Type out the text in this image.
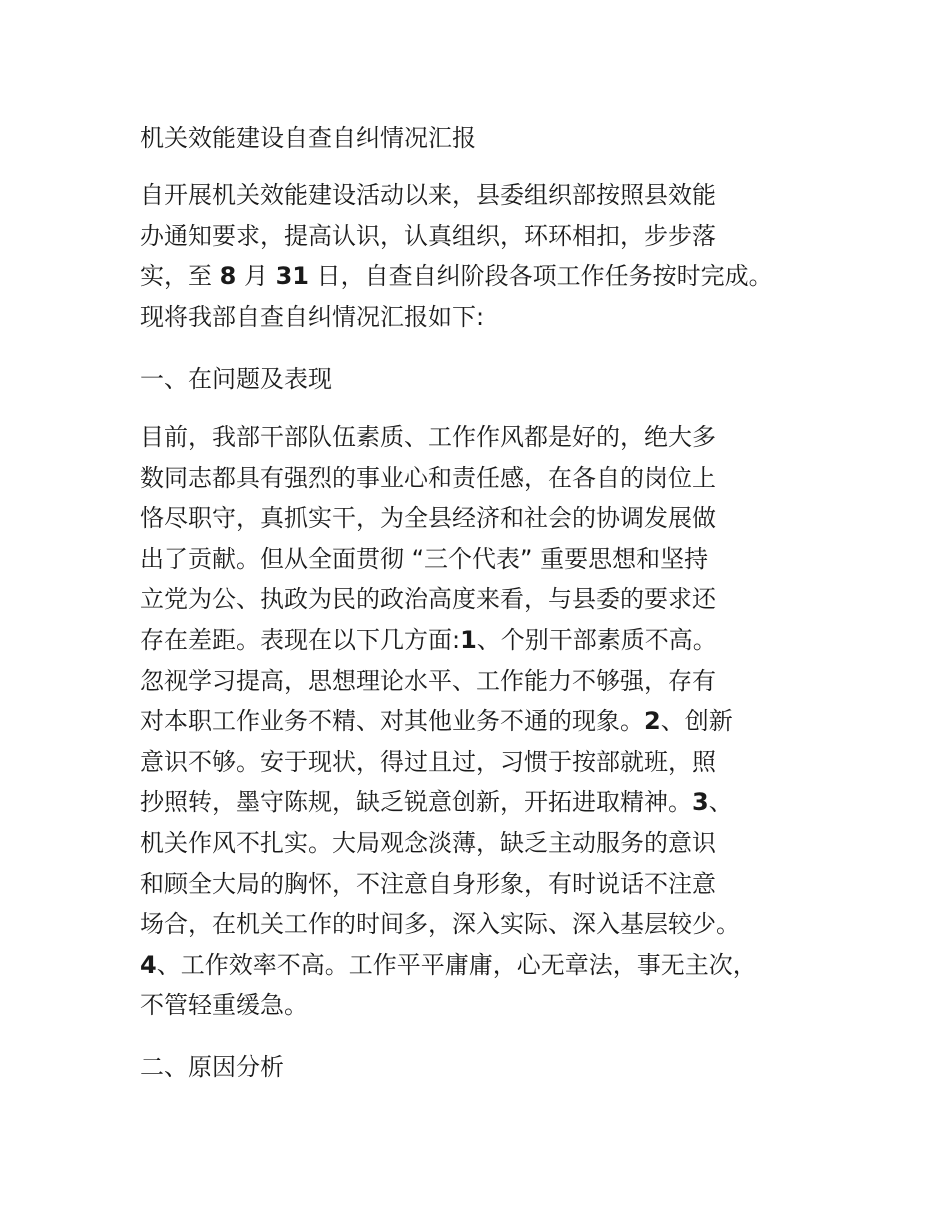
机关效能建设自查自纠情况汇报
自开展机关效能建设活动以来，县委组织部按照县效能
办通知要求，提高认识，认真组织，环环相扣，步步落
实，至 8 月 31 日，自查自纠阶段各项工作任务按时完成。
现将我部自查自纠情况汇报如下:
一、在问题及表现
目前，我部干部队伍素质、工作作风都是好的，绝大多
数同志都具有强烈的事业心和责任感，在各自的岗位上
恪尽职守，真抓实干，为全县经济和社会的协调发展做
出了贡献。但从全面贯彻 “三个代表” 重要思想和坚持
立党为公、执政为民的政治高度来看，与县委的要求还
存在差距。表现在以下几方面:1、个别干部素质不高。
忽视学习提高，思想理论水平、工作能力不够强，存有
对本职工作业务不精、对其他业务不通的现象。2、创新
意识不够。安于现状，得过且过，习惯于按部就班，照
抄照转，墨守陈规，缺乏锐意创新，开拓进取精神。3、
机关作风不扎实。大局观念淡薄，缺乏主动服务的意识
和顾全大局的胸怀，不注意自身形象，有时说话不注意
场合，在机关工作的时间多，深入实际、深入基层较少。
4、工作效率不高。工作平平庸庸，心无章法，事无主次，
不管轻重缓急。
二、原因分析
